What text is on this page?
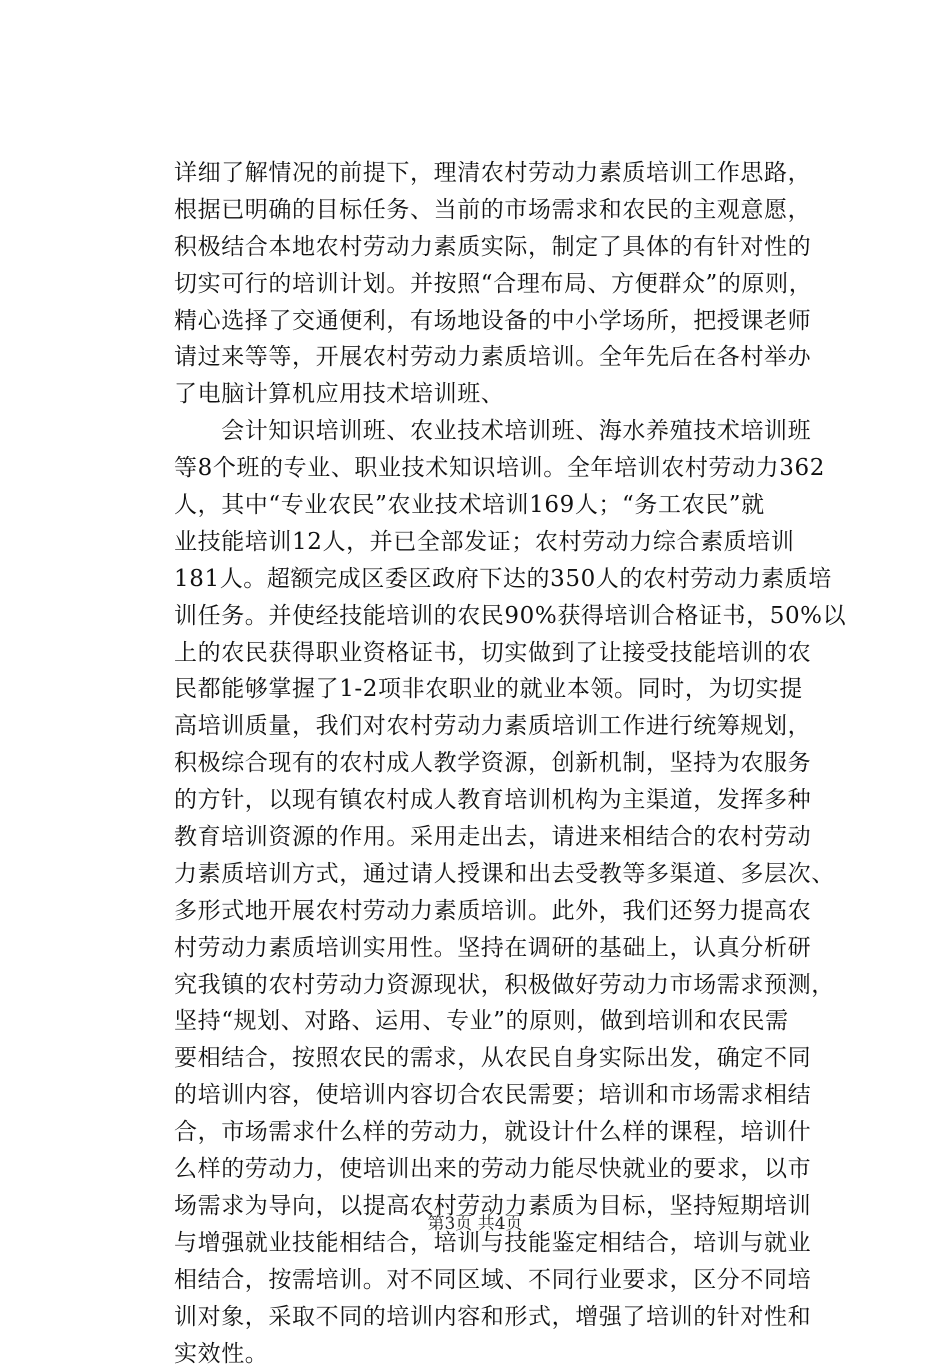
详细了解情况的前提下，理清农村劳动力素质培训工作思路，
根据已明确的目标任务、当前的市场需求和农民的主观意愿，
积极结合本地农村劳动力素质实际，制定了具体的有针对性的
切实可行的培训计划。并按照“合理布局、方便群众”的原则，
精心选择了交通便利，有场地设备的中小学场所，把授课老师
请过来等等，开展农村劳动力素质培训。全年先后在各村举办
了电脑计算机应用技术培训班、
　　会计知识培训班、农业技术培训班、海水养殖技术培训班
等8个班的专业、职业技术知识培训。全年培训农村劳动力362
人，其中“专业农民”农业技术培训169人；“务工农民”就
业技能培训12人，并已全部发证；农村劳动力综合素质培训
181人。超额完成区委区政府下达的350人的农村劳动力素质培
训任务。并使经技能培训的农民90%获得培训合格证书，50%以
上的农民获得职业资格证书，切实做到了让接受技能培训的农
民都能够掌握了1-2项非农职业的就业本领。同时，为切实提
高培训质量，我们对农村劳动力素质培训工作进行统筹规划，
积极综合现有的农村成人教学资源，创新机制，坚持为农服务
的方针，以现有镇农村成人教育培训机构为主渠道，发挥多种
教育培训资源的作用。采用走出去，请进来相结合的农村劳动
力素质培训方式，通过请人授课和出去受教等多渠道、多层次、
多形式地开展农村劳动力素质培训。此外，我们还努力提高农
村劳动力素质培训实用性。坚持在调研的基础上，认真分析研
究我镇的农村劳动力资源现状，积极做好劳动力市场需求预测，
坚持“规划、对路、运用、专业”的原则，做到培训和农民需
要相结合，按照农民的需求，从农民自身实际出发，确定不同
的培训内容，使培训内容切合农民需要；培训和市场需求相结
合，市场需求什么样的劳动力，就设计什么样的课程，培训什
么样的劳动力，使培训出来的劳动力能尽快就业的要求，以市
场需求为导向，以提高农村劳动力素质为目标，坚持短期培训
与增强就业技能相结合，培训与技能鉴定相结合，培训与就业
相结合，按需培训。对不同区域、不同行业要求，区分不同培
训对象，采取不同的培训内容和形式，增强了培训的针对性和
实效性。
第3页 共4页
